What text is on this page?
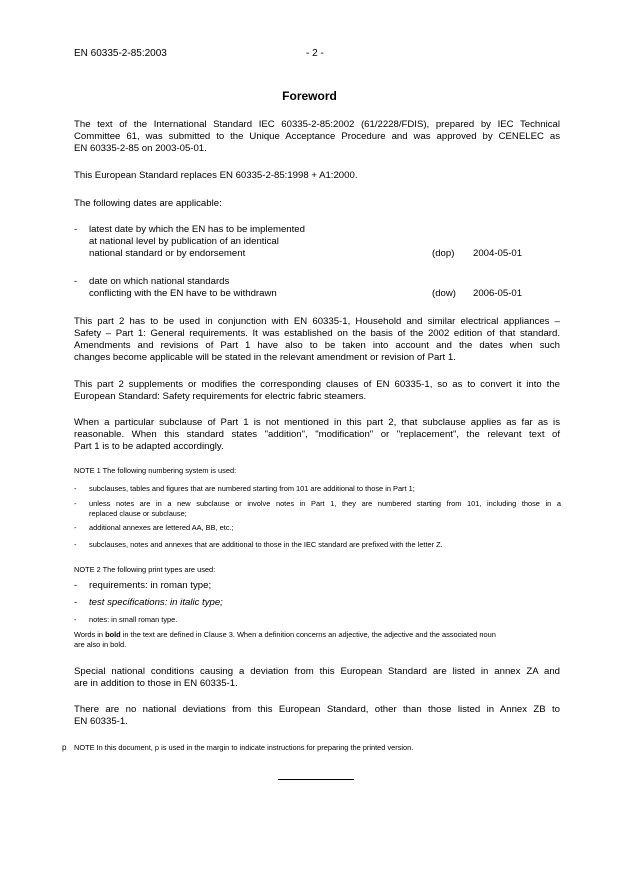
EN 60335-2-85:2003	- 2 -
Foreword
The text of the International Standard IEC 60335-2-85:2002 (61/2228/FDIS), prepared by IEC Technical
Committee 61, was submitted to the Unique Acceptance Procedure and was approved by CENELEC as
EN 60335-2-85 on 2003-05-01.
This European Standard replaces EN 60335-2-85:1998 + A1:2000.
The following dates are applicable:
- latest date by which the EN has to be implemented
at national level by publication of an identical
national standard or by endorsement	(dop) 2004-05-01
- date on which national standards
conflicting with the EN have to be withdrawn	(dow) 2006-05-01
This part 2 has to be used in conjunction with EN 60335-1, Household and similar electrical appliances –
Safety – Part 1: General requirements. It was established on the basis of the 2002 edition of that standard.
Amendments and revisions of Part 1 have also to be taken into account and the dates when such
changes become applicable will be stated in the relevant amendment or revision of Part 1.
This part 2 supplements or modifies the corresponding clauses of EN 60335-1, so as to convert it into the
European Standard: Safety requirements for electric fabric steamers.
When a particular subclause of Part 1 is not mentioned in this part 2, that subclause applies as far as is
reasonable. When this standard states "addition", "modification" or "replacement", the relevant text of
Part 1 is to be adapted accordingly.
NOTE 1 The following numbering system is used:
- subclauses, tables and figures that are numbered starting from 101 are additional to those in Part 1;
- unless notes are in a new subclause or involve notes in Part 1, they are numbered starting from 101, including those in a
replaced clause or subclause;
- additional annexes are lettered AA, BB, etc.;
- subclauses, notes and annexes that are additional to those in the IEC standard are prefixed with the letter Z.
NOTE 2 The following print types are used:
- requirements: in roman type;
- test specifications: in italic type;
- notes: in small roman type.
Words in bold in the text are defined in Clause 3. When a definition concerns an adjective, the adjective and the associated noun
are also in bold.
Special national conditions causing a deviation from this European Standard are listed in annex ZA and
are in addition to those in EN 60335-1.
There are no national deviations from this European Standard, other than those listed in Annex ZB to
EN 60335-1.
p NOTE In this document, p is used in the margin to indicate instructions for preparing the printed version.
